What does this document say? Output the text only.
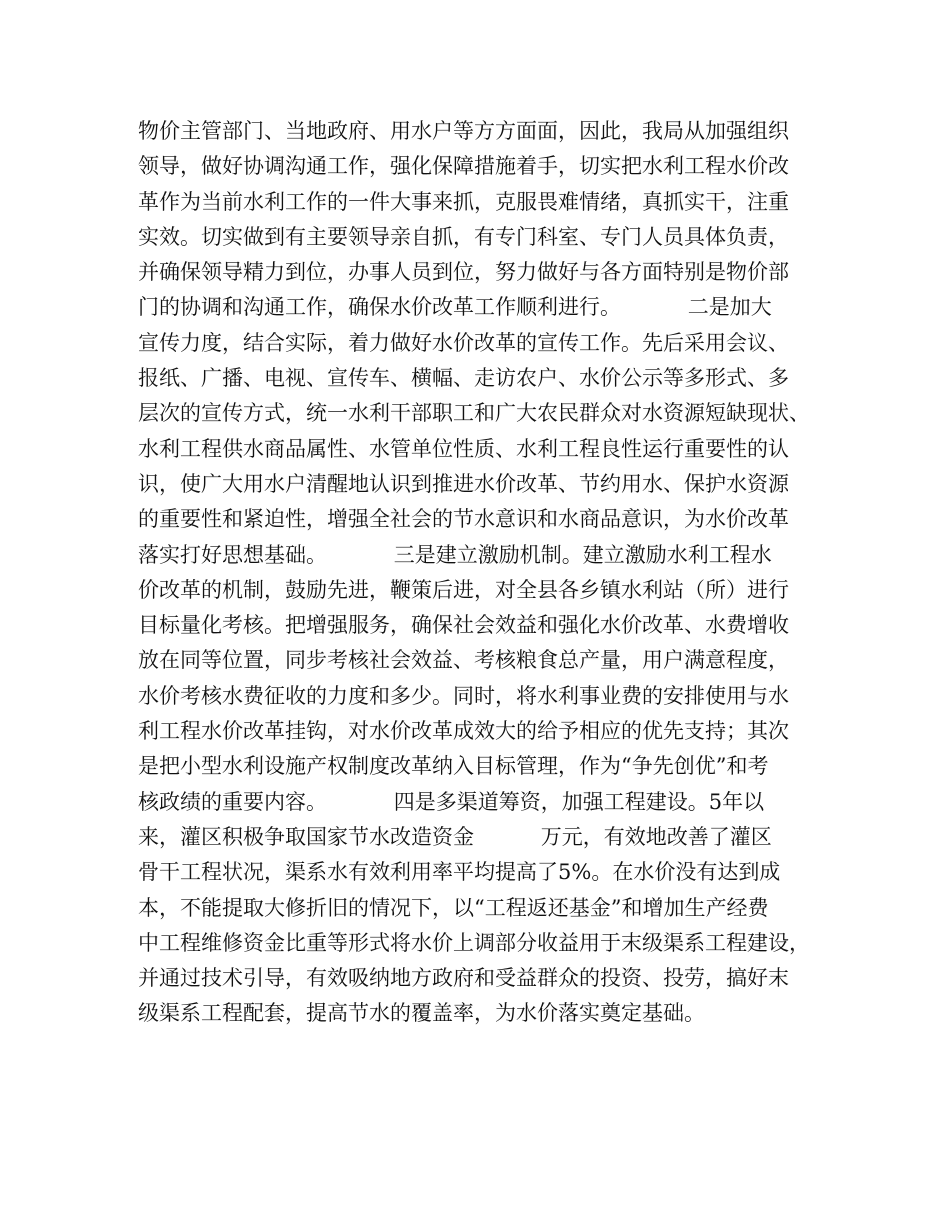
物价主管部门、当地政府、用水户等方方面面，因此，我局从加强组织
领导，做好协调沟通工作，强化保障措施着手，切实把水利工程水价改
革作为当前水利工作的一件大事来抓，克服畏难情绪，真抓实干，注重
实效。切实做到有主要领导亲自抓，有专门科室、专门人员具体负责，
并确保领导精力到位，办事人员到位，努力做好与各方面特别是物价部
门的协调和沟通工作，确保水价改革工作顺利进行。          二是加大
宣传力度，结合实际，着力做好水价改革的宣传工作。先后采用会议、
报纸、广播、电视、宣传车、横幅、走访农户、水价公示等多形式、多
层次的宣传方式，统一水利干部职工和广大农民群众对水资源短缺现状、
水利工程供水商品属性、水管单位性质、水利工程良性运行重要性的认
识，使广大用水户清醒地认识到推进水价改革、节约用水、保护水资源
的重要性和紧迫性，增强全社会的节水意识和水商品意识，为水价改革
落实打好思想基础。          三是建立激励机制。建立激励水利工程水
价改革的机制，鼓励先进，鞭策后进，对全县各乡镇水利站（所）进行
目标量化考核。把增强服务，确保社会效益和强化水价改革、水费增收
放在同等位置，同步考核社会效益、考核粮食总产量，用户满意程度，
水价考核水费征收的力度和多少。同时，将水利事业费的安排使用与水
利工程水价改革挂钩，对水价改革成效大的给予相应的优先支持；其次
是把小型水利设施产权制度改革纳入目标管理，作为“争先创优”和考
核政绩的重要内容。          四是多渠道筹资，加强工程建设。5年以
来，灌区积极争取国家节水改造资金          万元，有效地改善了灌区
骨干工程状况，渠系水有效利用率平均提高了5%。在水价没有达到成
本，不能提取大修折旧的情况下，以“工程返还基金”和增加生产经费
中工程维修资金比重等形式将水价上调部分收益用于末级渠系工程建设，
并通过技术引导，有效吸纳地方政府和受益群众的投资、投劳，搞好末
级渠系工程配套，提高节水的覆盖率，为水价落实奠定基础。
